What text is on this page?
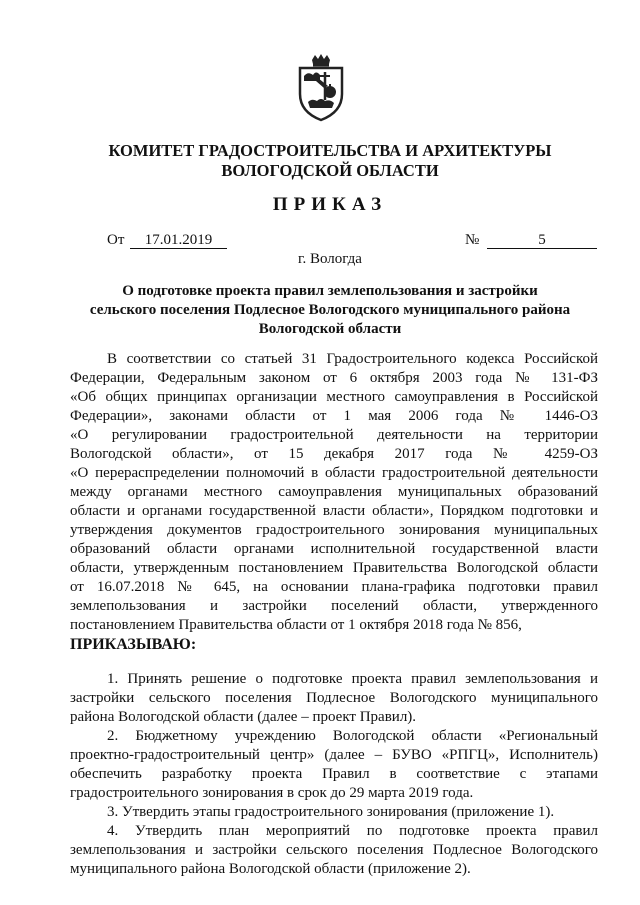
КОМИТЕТ ГРАДОСТРОИТЕЛЬСТВА И АРХИТЕКТУРЫ
ВОЛОГОДСКОЙ ОБЛАСТИ
ПРИКАЗ
От	17.01.2019	№	5
г. Вологда
О подготовке проекта правил землепользования и застройки
сельского поселения Подлесное Вологодского муниципального района
Вологодской области
В соответствии со статьей 31 Градостроительного кодекса Российской
Федерации, Федеральным законом от 6 октября 2003 года № 131-ФЗ
«Об общих принципах организации местного самоуправления в Российской
Федерации», законами области от 1 мая 2006 года № 1446-ОЗ
«О регулировании градостроительной деятельности на территории
Вологодской области», от 15 декабря 2017 года № 4259-ОЗ
«О перераспределении полномочий в области градостроительной деятельности
между органами местного самоуправления муниципальных образований
области и органами государственной власти области», Порядком подготовки и
утверждения документов градостроительного зонирования муниципальных
образований области органами исполнительной государственной власти
области, утвержденным постановлением Правительства Вологодской области
от 16.07.2018 № 645, на основании плана-графика подготовки правил
землепользования и застройки поселений области, утвержденного
постановлением Правительства области от 1 октября 2018 года № 856,
ПРИКАЗЫВАЮ:
1. Принять решение о подготовке проекта правил землепользования и
застройки сельского поселения Подлесное Вологодского муниципального
района Вологодской области (далее – проект Правил).
2. Бюджетному учреждению Вологодской области «Региональный
проектно-градостроительный центр» (далее – БУВО «РПГЦ», Исполнитель)
обеспечить разработку проекта Правил в соответствие с этапами
градостроительного зонирования в срок до 29 марта 2019 года.
3. Утвердить этапы градостроительного зонирования (приложение 1).
4. Утвердить план мероприятий по подготовке проекта правил
землепользования и застройки сельского поселения Подлесное Вологодского
муниципального района Вологодской области (приложение 2).
